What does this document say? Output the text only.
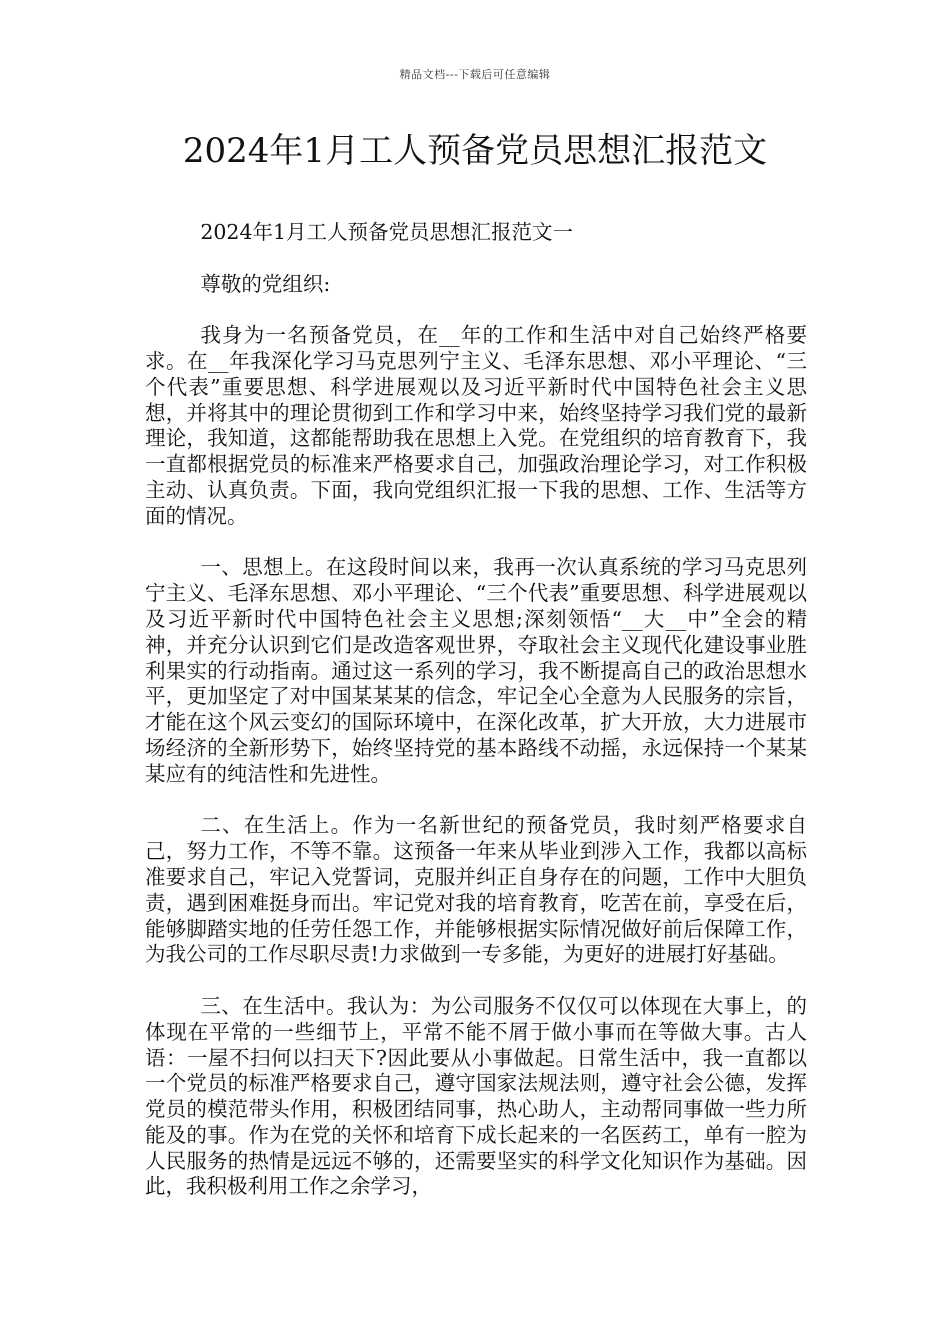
精品文档---下载后可任意编辑
2024年1月工人预备党员思想汇报范文

2024年1月工人预备党员思想汇报范文一

尊敬的党组织:

我身为一名预备党员，在__年的工作和生活中对自己始终严格要求。在__年我深化学习马克思列宁主义、毛泽东思想、邓小平理论、“三个代表”重要思想、科学进展观以及习近平新时代中国特色社会主义思想，并将其中的理论贯彻到工作和学习中来，始终坚持学习我们党的最新理论，我知道，这都能帮助我在思想上入党。在党组织的培育教育下，我一直都根据党员的标准来严格要求自己，加强政治理论学习，对工作积极主动、认真负责。下面，我向党组织汇报一下我的思想、工作、生活等方面的情况。

一、思想上。在这段时间以来，我再一次认真系统的学习马克思列宁主义、毛泽东思想、邓小平理论、“三个代表”重要思想、科学进展观以及习近平新时代中国特色社会主义思想;深刻领悟“__大__中”全会的精神，并充分认识到它们是改造客观世界，夺取社会主义现代化建设事业胜利果实的行动指南。通过这一系列的学习，我不断提高自己的政治思想水平，更加坚定了对中国某某某的信念，牢记全心全意为人民服务的宗旨，才能在这个风云变幻的国际环境中，在深化改革，扩大开放，大力进展市场经济的全新形势下，始终坚持党的基本路线不动摇，永远保持一个某某某应有的纯洁性和先进性。

二、在生活上。作为一名新世纪的预备党员，我时刻严格要求自己，努力工作，不等不靠。这预备一年来从毕业到涉入工作，我都以高标准要求自己，牢记入党誓词，克服并纠正自身存在的问题，工作中大胆负责，遇到困难挺身而出。牢记党对我的培育教育，吃苦在前，享受在后，能够脚踏实地的任劳任怨工作，并能够根据实际情况做好前后保障工作，为我公司的工作尽职尽责!力求做到一专多能，为更好的进展打好基础。

三、在生活中。我认为：为公司服务不仅仅可以体现在大事上，的体现在平常的一些细节上，平常不能不屑于做小事而在等做大事。古人语：一屋不扫何以扫天下?因此要从小事做起。日常生活中，我一直都以一个党员的标准严格要求自己，遵守国家法规法则，遵守社会公德，发挥党员的模范带头作用，积极团结同事，热心助人，主动帮同事做一些力所能及的事。作为在党的关怀和培育下成长起来的一名医药工，单有一腔为人民服务的热情是远远不够的，还需要坚实的科学文化知识作为基础。因此，我积极利用工作之余学习，
